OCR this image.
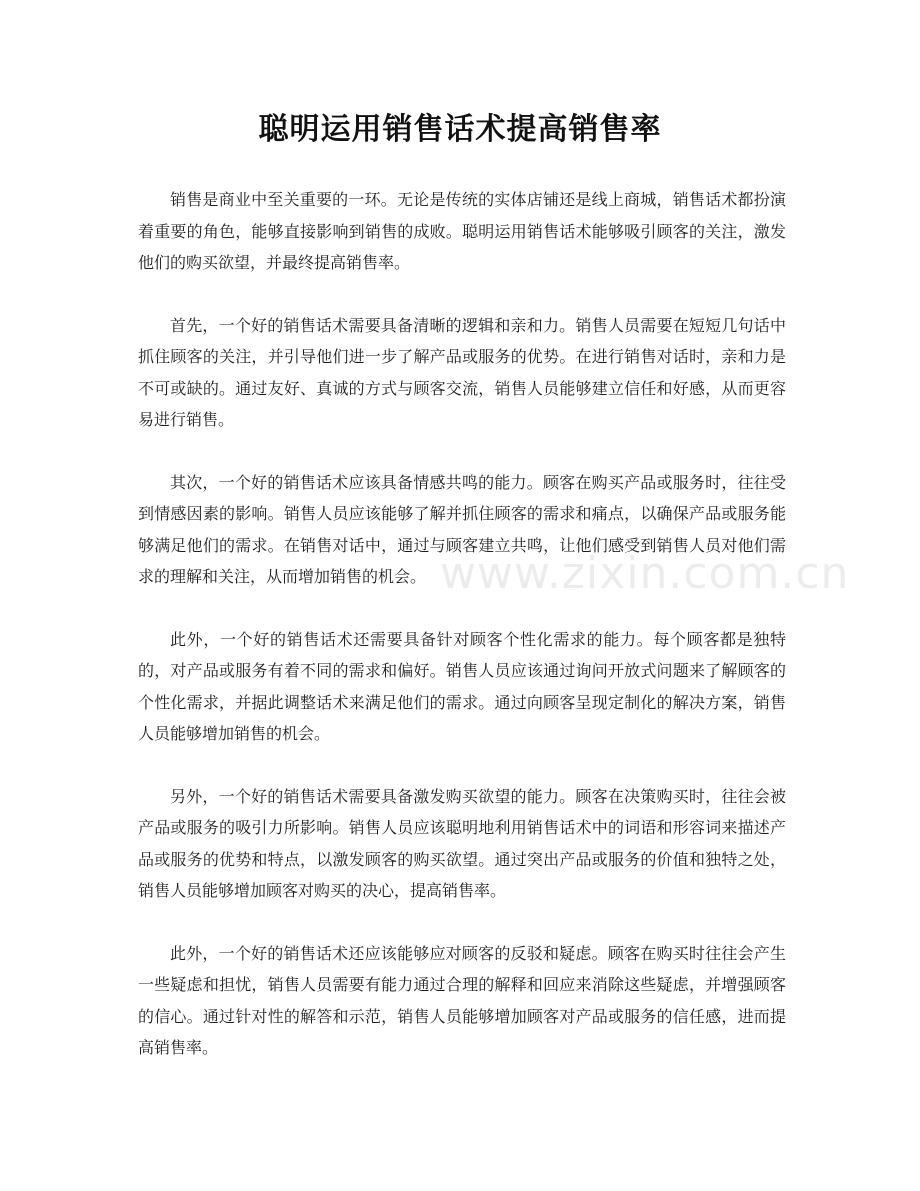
聪明运用销售话术提高销售率

销售是商业中至关重要的一环。无论是传统的实体店铺还是线上商城，销售话术都扮演着重要的角色，能够直接影响到销售的成败。聪明运用销售话术能够吸引顾客的关注，激发他们的购买欲望，并最终提高销售率。

首先，一个好的销售话术需要具备清晰的逻辑和亲和力。销售人员需要在短短几句话中抓住顾客的关注，并引导他们进一步了解产品或服务的优势。在进行销售对话时，亲和力是不可或缺的。通过友好、真诚的方式与顾客交流，销售人员能够建立信任和好感，从而更容易进行销售。

其次，一个好的销售话术应该具备情感共鸣的能力。顾客在购买产品或服务时，往往受到情感因素的影响。销售人员应该能够了解并抓住顾客的需求和痛点，以确保产品或服务能够满足他们的需求。在销售对话中，通过与顾客建立共鸣，让他们感受到销售人员对他们需求的理解和关注，从而增加销售的机会。

此外，一个好的销售话术还需要具备针对顾客个性化需求的能力。每个顾客都是独特的，对产品或服务有着不同的需求和偏好。销售人员应该通过询问开放式问题来了解顾客的个性化需求，并据此调整话术来满足他们的需求。通过向顾客呈现定制化的解决方案，销售人员能够增加销售的机会。

另外，一个好的销售话术需要具备激发购买欲望的能力。顾客在决策购买时，往往会被产品或服务的吸引力所影响。销售人员应该聪明地利用销售话术中的词语和形容词来描述产品或服务的优势和特点，以激发顾客的购买欲望。通过突出产品或服务的价值和独特之处，销售人员能够增加顾客对购买的决心，提高销售率。

此外，一个好的销售话术还应该能够应对顾客的反驳和疑虑。顾客在购买时往往会产生一些疑虑和担忧，销售人员需要有能力通过合理的解释和回应来消除这些疑虑，并增强顾客的信心。通过针对性的解答和示范，销售人员能够增加顾客对产品或服务的信任感，进而提高销售率。

www.zixin.com.cn
